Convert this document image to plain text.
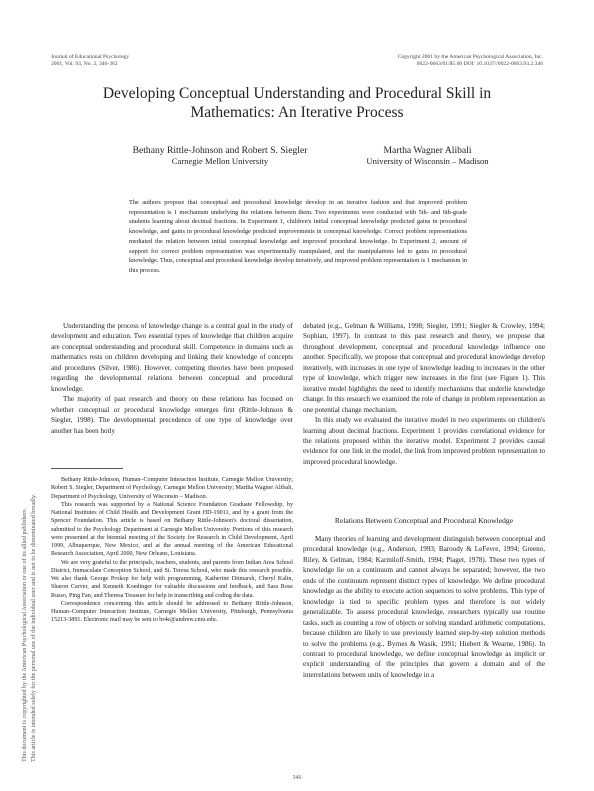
Journal of Educational Psychology
2001, Vol. 93, No. 2, 346-362
Copyright 2001 by the American Psychological Association, Inc.
0022-0663/01/$5.00 DOI: 10.1037//0022-0663.93.2.346
Developing Conceptual Understanding and Procedural Skill in
Mathematics: An Iterative Process
Bethany Rittle-Johnson and Robert S. Siegler
Carnegie Mellon University
Martha Wagner Alibali
University of Wisconsin – Madison
The authors propose that conceptual and procedural knowledge develop in an iterative fashion and that improved problem representation is 1 mechanism underlying the relations between them. Two experiments were conducted with 5th- and 6th-grade students learning about decimal fractions. In Experiment 1, children's initial conceptual knowledge predicted gains in procedural knowledge, and gains in procedural knowledge predicted improvements in conceptual knowledge. Correct problem representations mediated the relation between initial conceptual knowledge and improved procedural knowledge. In Experiment 2, amount of support for correct problem representation was experimentally manipulated, and the manipulations led to gains in procedural knowledge. Thus, conceptual and procedural knowledge develop iteratively, and improved problem representation is 1 mechanism in this process.

Understanding the process of knowledge change is a central goal in the study of development and education. Two essential types of knowledge that children acquire are conceptual understanding and procedural skill. Competence in domains such as mathematics rests on children developing and linking their knowledge of concepts and procedures (Silver, 1986). However, competing theories have been proposed regarding the developmental relations between conceptual and procedural knowledge.

The majority of past research and theory on these relations has focused on whether conceptual or procedural knowledge emerges first (Rittle-Johnson & Siegler, 1998). The developmental precedence of one type of knowledge over another has been hotly

Bethany Rittle-Johnson, Human–Computer Interaction Institute, Carnegie Mellon University; Robert S. Siegler, Department of Psychology, Carnegie Mellon University; Martha Wagner Alibali, Department of Psychology, University of Wisconsin – Madison.

This research was supported by a National Science Foundation Graduate Fellowship, by National Institutes of Child Health and Development Grant HD-19011, and by a grant from the Spencer Foundation. This article is based on Bethany Rittle-Johnson's doctoral dissertation, submitted to the Psychology Department at Carnegie Mellon University. Portions of this research were presented at the biennial meeting of the Society for Research in Child Development, April 1999, Albuquerque, New Mexico, and at the annual meeting of the American Educational Research Association, April 2000, New Orleans, Louisiana.

We are very grateful to the principals, teachers, students, and parents from Indian Area School District, Immaculate Conception School, and St. Teresa School, who made this research possible. We also thank George Prokop for help with programming, Katherine Ditmarsh, Cheryl Kalin, Sharon Carver, and Kenneth Koedinger for valuable discussions and feedback, and Sara Rose Russo, Ping Fan, and Theresa Treasure for help in transcribing and coding the data.

Correspondence concerning this article should be addressed to Bethany Rittle-Johnson, Human–Computer Interaction Institute, Carnegie Mellon University, Pittsburgh, Pennsylvania 15213-3891. Electronic mail may be sent to br4e@andrew.cmu.edu.

debated (e.g., Gelman & Williams, 1998; Siegler, 1991; Siegler & Crowley, 1994; Sophian, 1997). In contrast to this past research and theory, we propose that throughout development, conceptual and procedural knowledge influence one another. Specifically, we propose that conceptual and procedural knowledge develop iteratively, with increases in one type of knowledge leading to increases in the other type of knowledge, which trigger new increases in the first (see Figure 1). This iterative model highlights the need to identify mechanisms that underlie knowledge change. In this research we examined the role of change in problem representation as one potential change mechanism.

In this study we evaluated the iterative model in two experiments on children's learning about decimal fractions. Experiment 1 provides correlational evidence for the relations proposed within the iterative model. Experiment 2 provides causal evidence for one link in the model, the link from improved problem representation to improved procedural knowledge.

Relations Between Conceptual and Procedural Knowledge

Many theories of learning and development distinguish between conceptual and procedural knowledge (e.g., Anderson, 1993; Baroody & LeFevre, 1994; Greeno, Riley, & Gelman, 1984; Karmiloff-Smith, 1994; Piaget, 1978). These two types of knowledge lie on a continuum and cannot always be separated; however, the two ends of the continuum represent distinct types of knowledge. We define procedural knowledge as the ability to execute action sequences to solve problems. This type of knowledge is tied to specific problem types and therefore is not widely generalizable. To assess procedural knowledge, researchers typically use routine tasks, such as counting a row of objects or solving standard arithmetic computations, because children are likely to use previously learned step-by-step solution methods to solve the problems (e.g., Byrnes & Wasik, 1991; Hiebert & Wearne, 1986). In contrast to procedural knowledge, we define conceptual knowledge as implicit or explicit understanding of the principles that govern a domain and of the interrelations between units of knowledge in a

This document is copyrighted by the American Psychological Association or one of its allied publishers. This article is intended solely for the personal use of the individual user and is not to be disseminated broadly.
346
